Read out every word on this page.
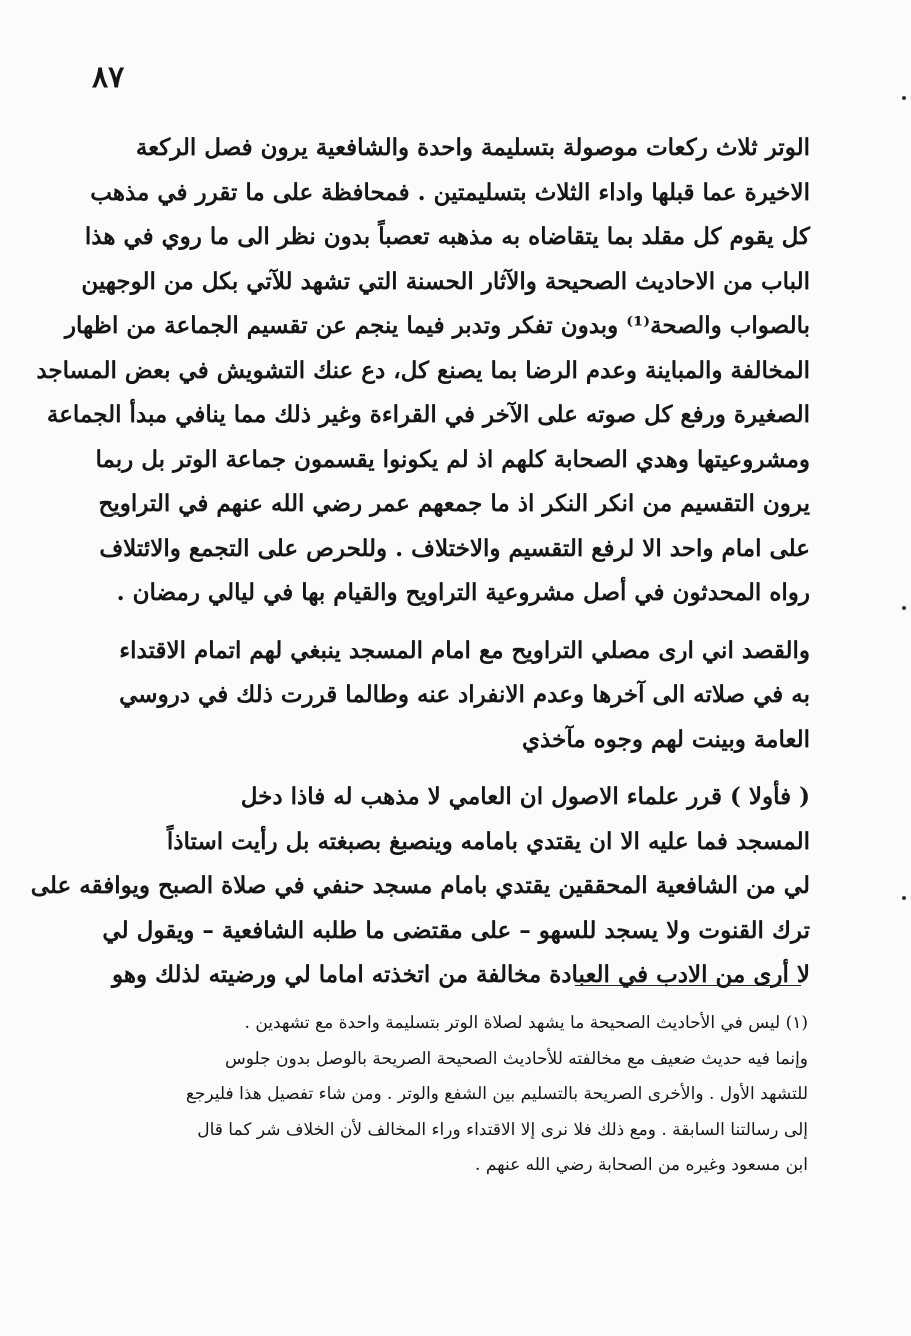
٨٧
الوتر ثلاث ركعات موصولة بتسليمة واحدة والشافعية يرون فصل الركعة
الاخيرة عما قبلها واداء الثلاث بتسليمتين . فمحافظة على ما تقرر في مذهب
كل يقوم كل مقلد بما يتقاضاه به مذهبه تعصباً بدون نظر الى ما روي في هذا
الباب من الاحاديث الصحيحة والآثار الحسنة التي تشهد للآتي بكل من الوجهين
بالصواب والصحة⁽¹⁾ وبدون تفكر وتدبر فيما ينجم عن تقسيم الجماعة من اظهار
المخالفة والمباينة وعدم الرضا بما يصنع كل، دع عنك التشويش في بعض المساجد
الصغيرة ورفع كل صوته على الآخر في القراءة وغير ذلك مما ينافي مبدأ الجماعة
ومشروعيتها وهدي الصحابة كلهم اذ لم يكونوا يقسمون جماعة الوتر بل ربما
يرون التقسيم من انكر النكر اذ ما جمعهم عمر رضي الله عنهم في التراويح
على امام واحد الا لرفع التقسيم والاختلاف . وللحرص على التجمع والائتلاف
رواه المحدثون في أصل مشروعية التراويح والقيام بها في ليالي رمضان .
والقصد اني ارى مصلي التراويح مع امام المسجد ينبغي لهم اتمام الاقتداء
به في صلاته الى آخرها وعدم الانفراد عنه وطالما قررت ذلك في دروسي
العامة وبينت لهم وجوه مآخذي
( فأولا ) قرر علماء الاصول ان العامي لا مذهب له فاذا دخل
المسجد فما عليه الا ان يقتدي بامامه وينصبغ بصبغته بل رأيت استاذاً
لي من الشافعية المحققين يقتدي بامام مسجد حنفي في صلاة الصبح ويوافقه على
ترك القنوت ولا يسجد للسهو – على مقتضى ما طلبه الشافعية – ويقول لي
لا أرى من الادب في العبادة مخالفة من اتخذته اماما لي ورضيته لذلك وهو
(١) ليس في الأحاديث الصحيحة ما يشهد لصلاة الوتر بتسليمة واحدة مع تشهدين .
وإنما فيه حديث ضعيف مع مخالفته للأحاديث الصحيحة الصريحة بالوصل بدون جلوس
للتشهد الأول . والأخرى الصريحة بالتسليم بين الشفع والوتر . ومن شاء تفصيل هذا فليرجع
إلى رسالتنا السابقة . ومع ذلك فلا نرى إلا الاقتداء وراء المخالف لأن الخلاف شر كما قال
ابن مسعود وغيره من الصحابة رضي الله عنهم .
